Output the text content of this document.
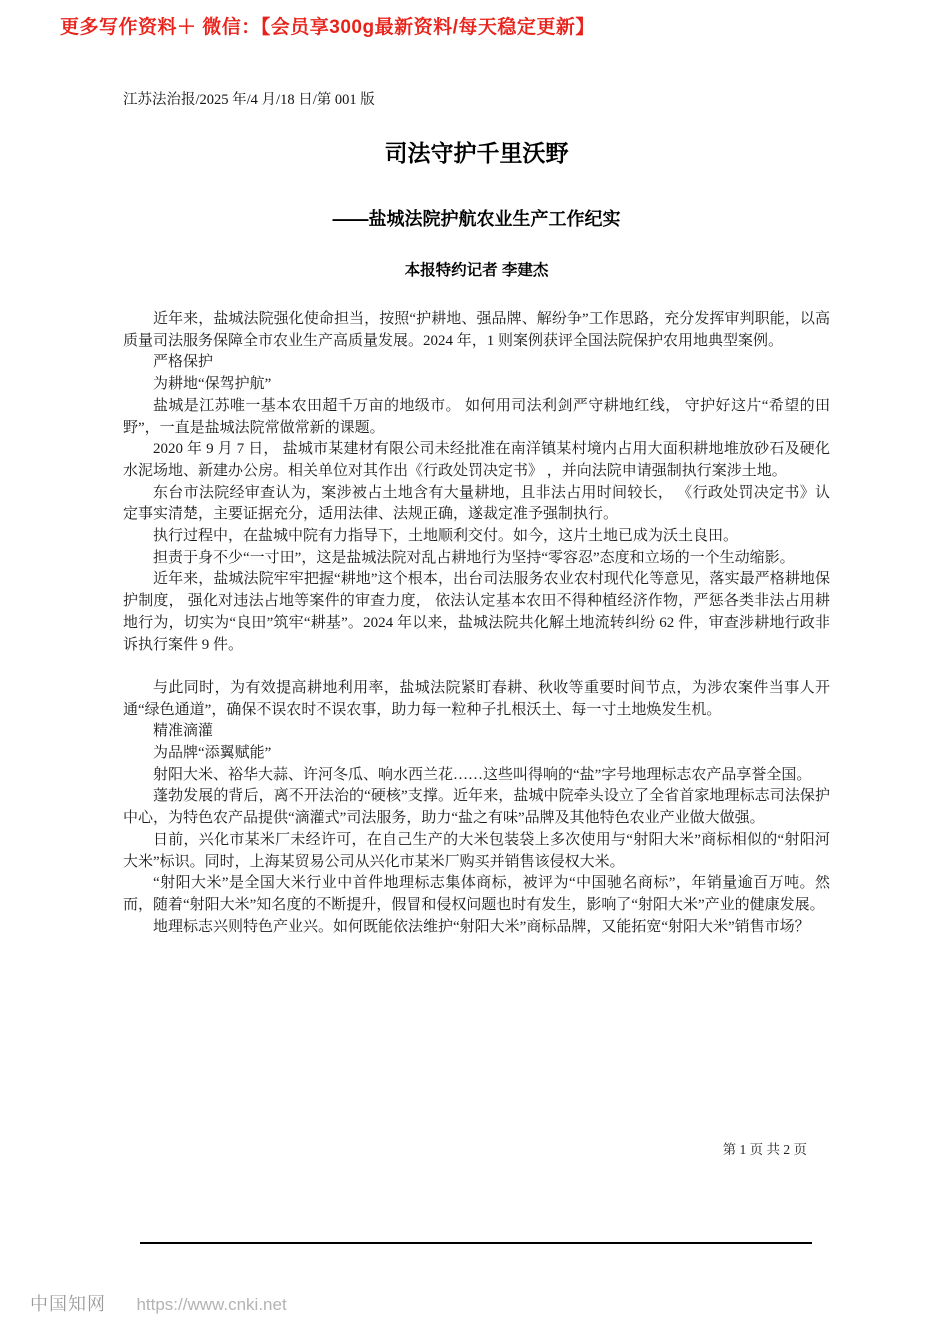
更多写作资料＋ 微信：【会员享300g最新资料/每天稳定更新】
江苏法治报/2025 年/4 月/18 日/第 001 版
司法守护千里沃野
——盐城法院护航农业生产工作纪实
本报特约记者 李建杰

近年来，盐城法院强化使命担当，按照“护耕地、强品牌、解纷争”工作思路，充分发挥审判职能，以高质量司法服务保障全市农业生产高质量发展。2024 年，1 则案例获评全国法院保护农用地典型案例。

严格保护

为耕地“保驾护航”

盐城是江苏唯一基本农田超千万亩的地级市。 如何用司法利剑严守耕地红线， 守护好这片“希望的田野”，一直是盐城法院常做常新的课题。

2020 年 9 月 7 日， 盐城市某建材有限公司未经批准在南洋镇某村境内占用大面积耕地堆放砂石及硬化水泥场地、新建办公房。相关单位对其作出《行政处罚决定书》 ，并向法院申请强制执行案涉土地。

东台市法院经审查认为，案涉被占土地含有大量耕地，且非法占用时间较长， 《行政处罚决定书》认定事实清楚，主要证据充分，适用法律、法规正确，遂裁定准予强制执行。

执行过程中，在盐城中院有力指导下，土地顺利交付。如今，这片土地已成为沃土良田。

担责于身不少“一寸田”，这是盐城法院对乱占耕地行为坚持“零容忍”态度和立场的一个生动缩影。

近年来，盐城法院牢牢把握“耕地”这个根本，出台司法服务农业农村现代化等意见，落实最严格耕地保护制度， 强化对违法占地等案件的审查力度， 依法认定基本农田不得种植经济作物，严惩各类非法占用耕地行为，切实为“良田”筑牢“耕基”。2024 年以来，盐城法院共化解土地流转纠纷 62 件，审查涉耕地行政非诉执行案件 9 件。

与此同时，为有效提高耕地利用率，盐城法院紧盯春耕、秋收等重要时间节点，为涉农案件当事人开通“绿色通道”，确保不误农时不误农事，助力每一粒种子扎根沃土、每一寸土地焕发生机。

精准滴灌

为品牌“添翼赋能”

射阳大米、裕华大蒜、许河冬瓜、响水西兰花……这些叫得响的“盐”字号地理标志农产品享誉全国。

蓬勃发展的背后，离不开法治的“硬核”支撑。近年来，盐城中院牵头设立了全省首家地理标志司法保护中心，为特色农产品提供“滴灌式”司法服务，助力“盐之有味”品牌及其他特色农业产业做大做强。

日前，兴化市某米厂未经许可，在自己生产的大米包装袋上多次使用与“射阳大米”商标相似的“射阳河大米”标识。同时，上海某贸易公司从兴化市某米厂购买并销售该侵权大米。

“射阳大米”是全国大米行业中首件地理标志集体商标，被评为“中国驰名商标”，年销量逾百万吨。然而，随着“射阳大米”知名度的不断提升，假冒和侵权问题也时有发生，影响了“射阳大米”产业的健康发展。

地理标志兴则特色产业兴。如何既能依法维护“射阳大米”商标品牌，又能拓宽“射阳大米”销售市场？

第 1 页 共 2 页
中国知网 https://www.cnki.net
